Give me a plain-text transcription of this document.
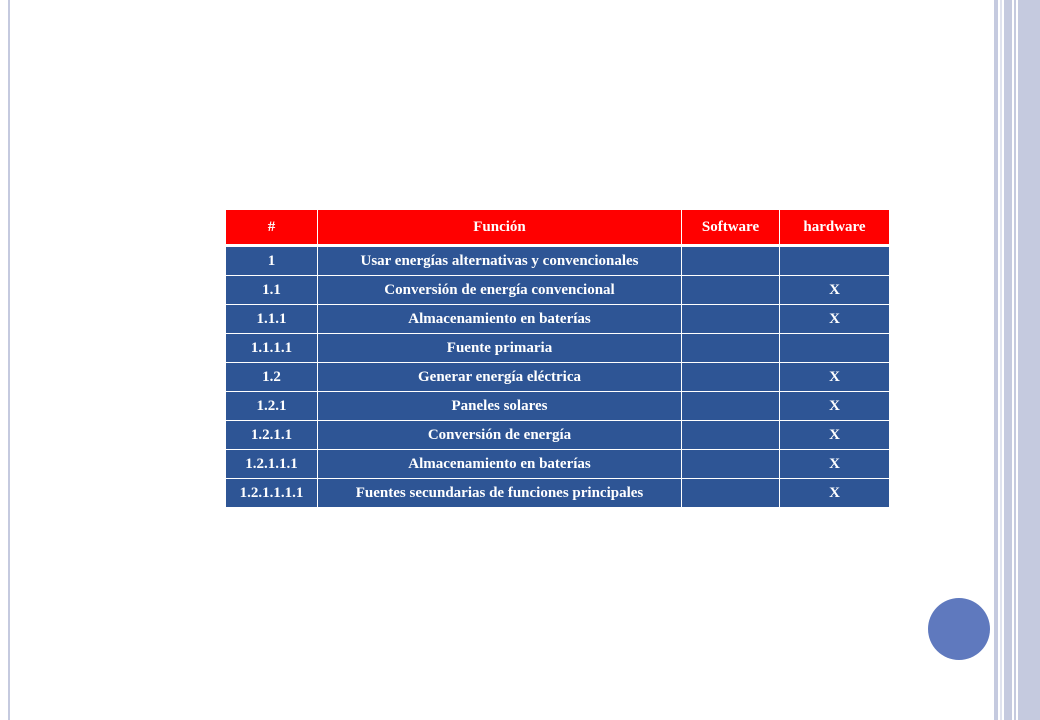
#	Función	Software	hardware
1	Usar energías alternativas y convencionales		
1.1	Conversión de energía convencional		X
1.1.1	Almacenamiento en baterías		X
1.1.1.1	Fuente primaria		
1.2	Generar energía eléctrica		X
1.2.1	Paneles solares		X
1.2.1.1	Conversión de energía		X
1.2.1.1.1	Almacenamiento en baterías		X
1.2.1.1.1.1	Fuentes secundarias de funciones principales		X
